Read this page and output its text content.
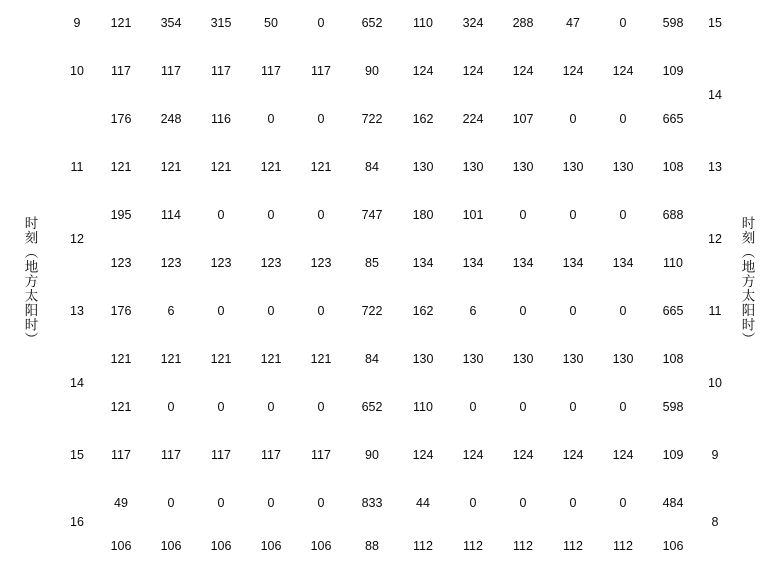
时刻（地方太阳时）	9	121	354	315	50	0	652	110	324	288	47	0	598	15	时刻（地方太阳时）
	10	117	117	117	117	117	90	124	124	124	124	124	109	14	
		176	248	116	0	0	722	162	224	107	0	0	665		
	11	121	121	121	121	121	84	130	130	130	130	130	108	13	
	12	195	114	0	0	0	747	180	101	0	0	0	688	12	
		123	123	123	123	123	85	134	134	134	134	134	110		
	13	176	6	0	0	0	722	162	6	0	0	0	665	11	
	14	121	121	121	121	121	84	130	130	130	130	130	108	10	
		121	0	0	0	0	652	110	0	0	0	0	598		
	15	117	117	117	117	117	90	124	124	124	124	124	109	9	
	16	49	0	0	0	0	833	44	0	0	0	0	484	8	
		106	106	106	106	106	88	112	112	112	112	112	106		
